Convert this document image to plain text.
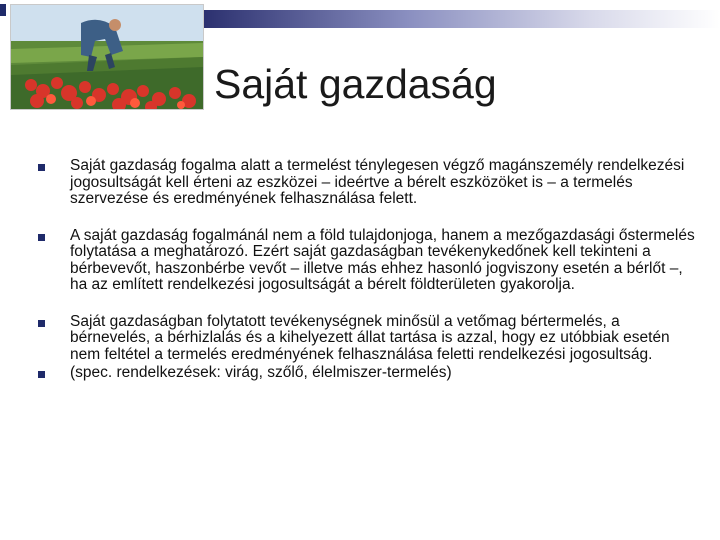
Saját gazdaság
Saját gazdaság fogalma alatt a termelést ténylegesen végző magánszemély rendelkezési jogosultságát kell érteni az eszközei – ideértve a bérelt eszközöket is – a termelés szervezése és eredményének felhasználása felett.
A saját gazdaság fogalmánál nem a föld tulajdonjoga, hanem a mezőgazdasági őstermelés folytatása a meghatározó. Ezért saját gazdaságban tevékenykedőnek kell tekinteni a bérbevevőt, haszonbérbe vevőt – illetve más ehhez hasonló jogviszony esetén a bérlőt –, ha az említett rendelkezési jogosultságát a bérelt földterületen gyakorolja.
Saját gazdaságban folytatott tevékenységnek minősül a vetőmag bértermelés, a bérnevelés, a bérhizlalás és a kihelyezett állat tartása is azzal, hogy ez utóbbiak esetén nem feltétel a termelés eredményének felhasználása feletti rendelkezési jogosultság.
(spec. rendelkezések: virág, szőlő, élelmiszer-termelés)
